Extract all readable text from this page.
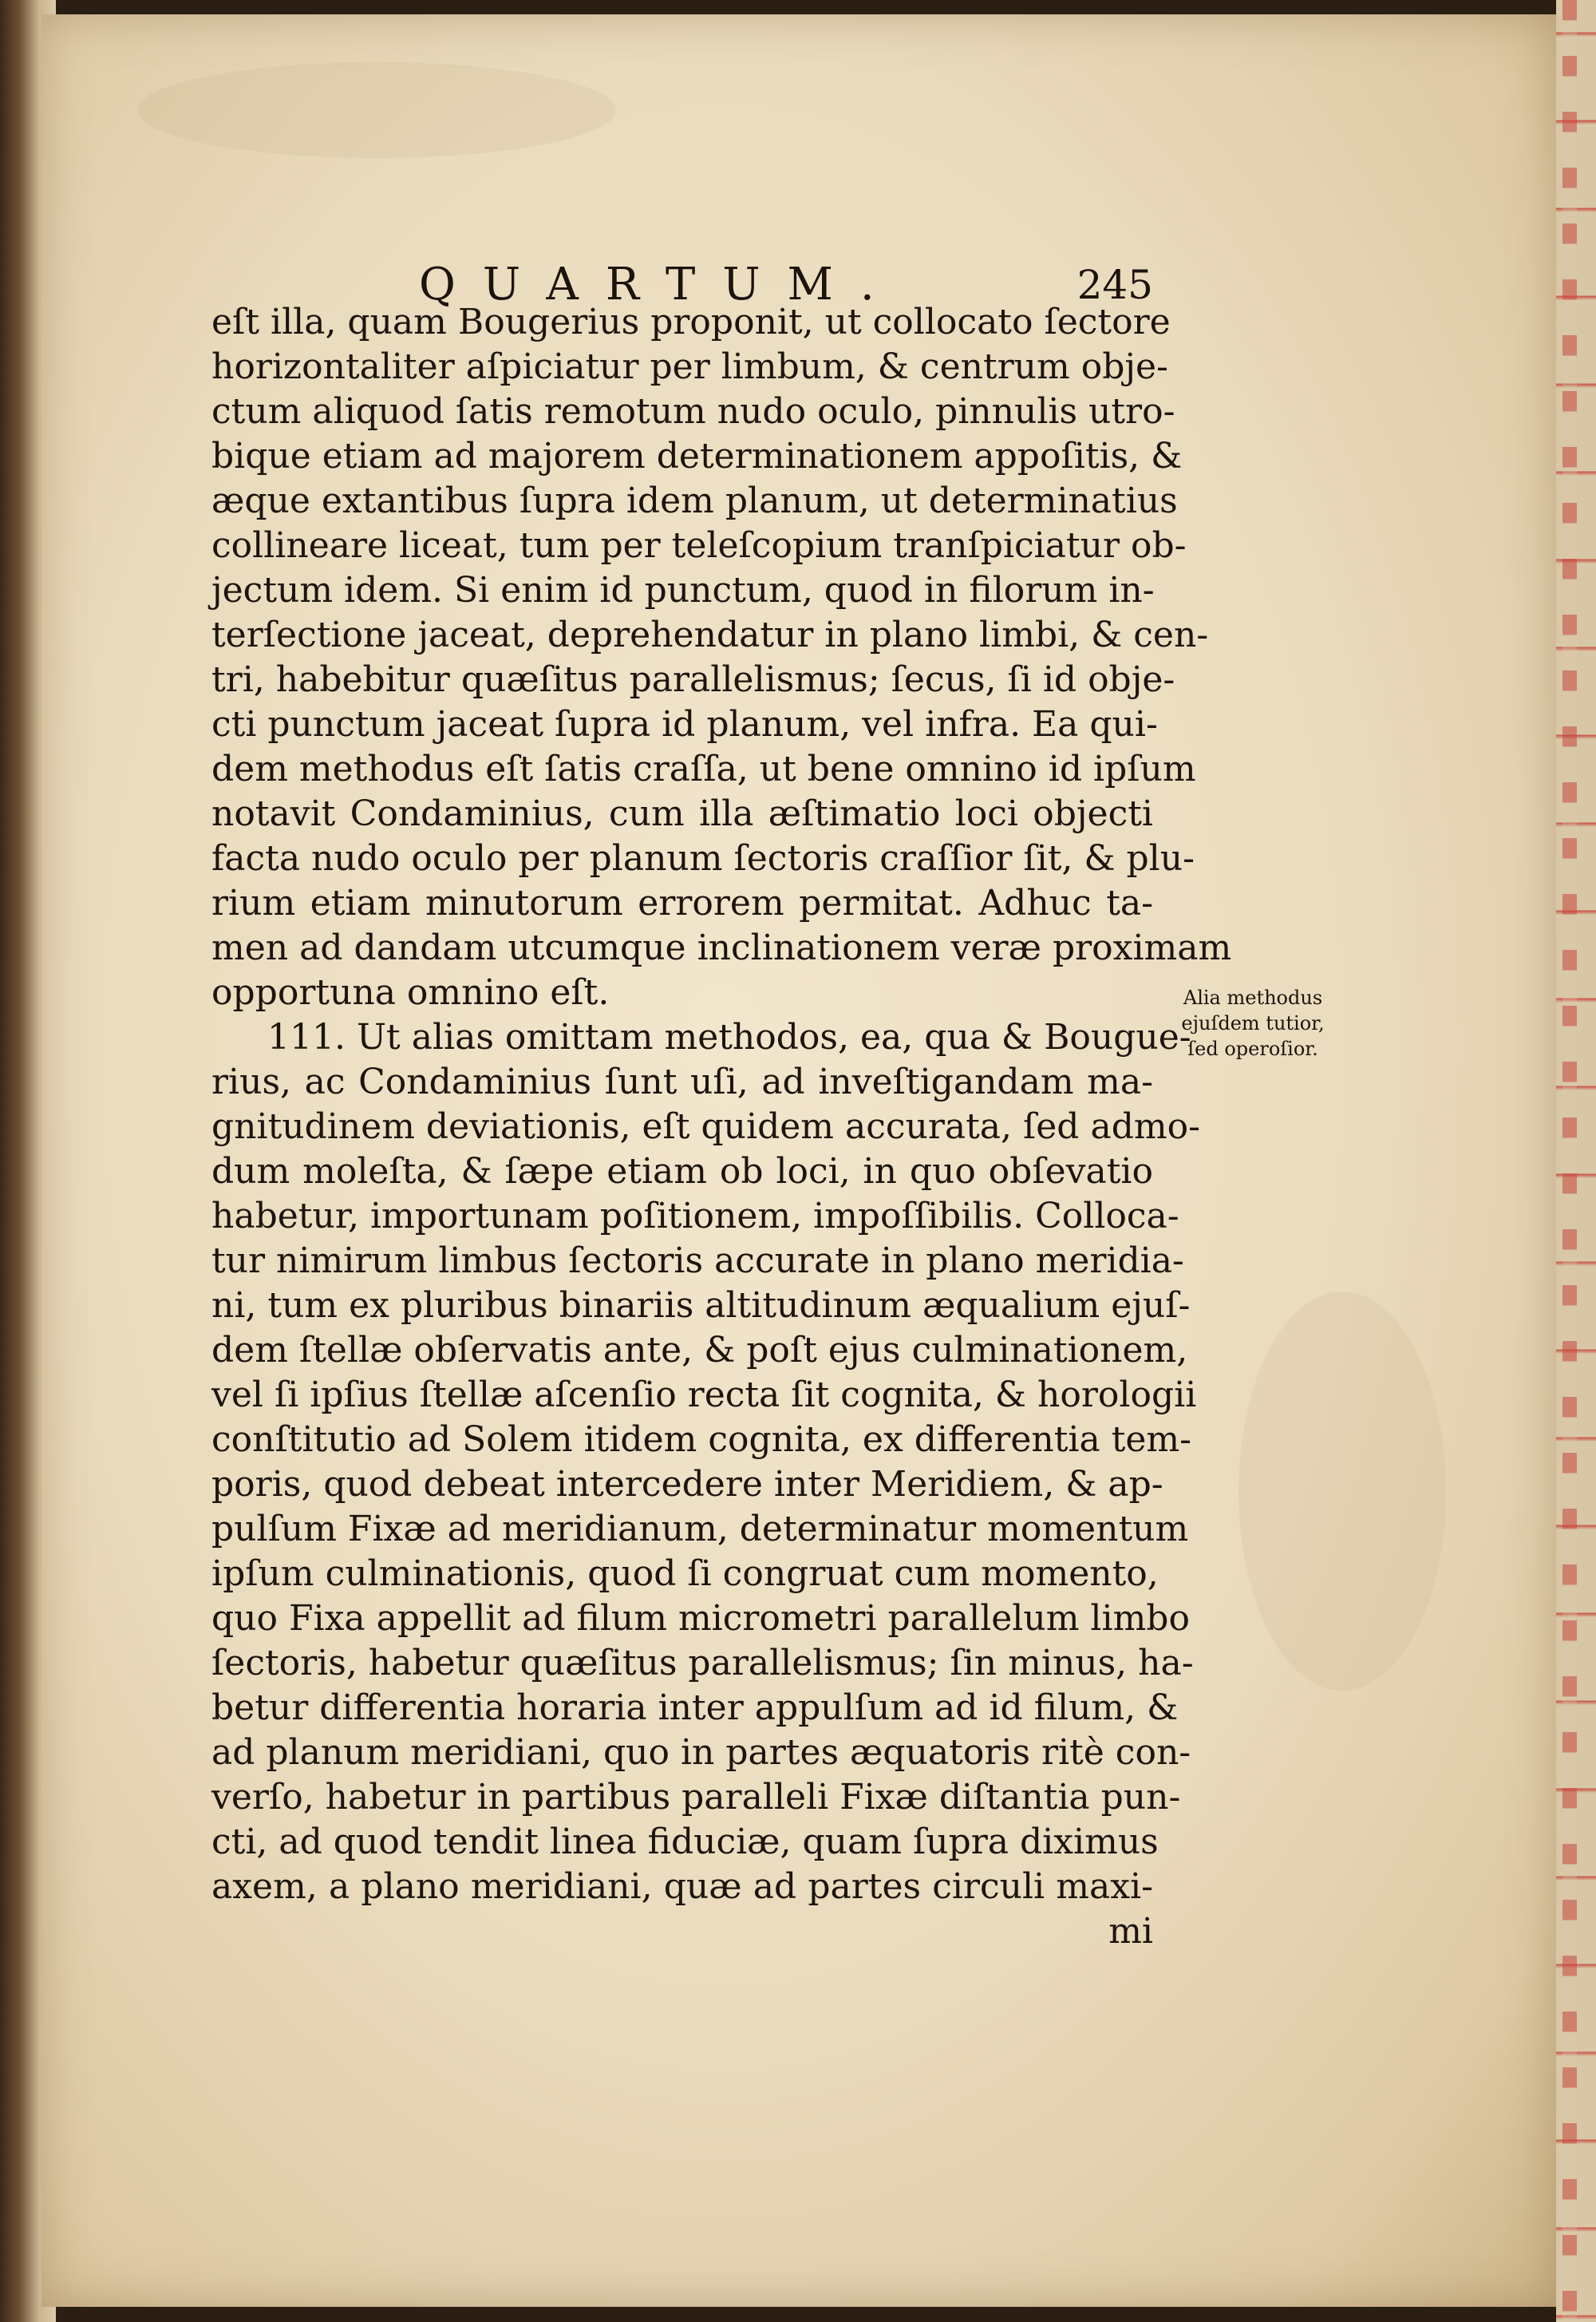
QUARTUM.	245
eſt illa, quam Bougerius proponit, ut collocato ſectore
horizontaliter aſpiciatur per limbum, & centrum obje-
ctum aliquod ſatis remotum nudo oculo, pinnulis utro-
bique etiam ad majorem determinationem appoſitis, &
æque extantibus ſupra idem planum, ut determinatius
collineare liceat, tum per teleſcopium tranſpiciatur ob-
jectum idem. Si enim id punctum, quod in filorum in-
terſectione jaceat, deprehendatur in plano limbi, & cen-
tri, habebitur quæſitus parallelismus; ſecus, ſi id obje-
cti punctum jaceat ſupra id planum, vel infra. Ea qui-
dem methodus eſt ſatis craſſa, ut bene omnino id ipſum
notavit Condaminius, cum illa æſtimatio loci objecti
facta nudo oculo per planum ſectoris craſſior ſit, & plu-
rium etiam minutorum errorem permitat. Adhuc ta-
men ad dandam utcumque inclinationem veræ proximam
opportuna omnino eſt.
111. Ut alias omittam methodos, ea, qua & Bougue-
rius, ac Condaminius ſunt uſi, ad inveſtigandam ma-
gnitudinem deviationis, eſt quidem accurata, ſed admo-
dum moleſta, & ſæpe etiam ob loci, in quo obſevatio
habetur, importunam poſitionem, impoſſibilis. Colloca-
tur nimirum limbus ſectoris accurate in plano meridia-
ni, tum ex pluribus binariis altitudinum æqualium ejuſ-
dem ſtellæ obſervatis ante, & poſt ejus culminationem,
vel ſi ipſius ſtellæ aſcenſio recta ſit cognita, & horologii
conſtitutio ad Solem itidem cognita, ex differentia tem-
poris, quod debeat intercedere inter Meridiem, & ap-
pulſum Fixæ ad meridianum, determinatur momentum
ipſum culminationis, quod ſi congruat cum momento,
quo Fixa appellit ad filum micrometri parallelum limbo
ſectoris, habetur quæſitus parallelismus; ſin minus, ha-
betur differentia horaria inter appulſum ad id filum, &
ad planum meridiani, quo in partes æquatoris ritè con-
verſo, habetur in partibus paralleli Fixæ diſtantia pun-
cti, ad quod tendit linea fiduciæ, quam ſupra diximus
axem, a plano meridiani, quæ ad partes circuli maxi-
mi
Alia methodus
ejuſdem tutior,
ſed operoſior.
